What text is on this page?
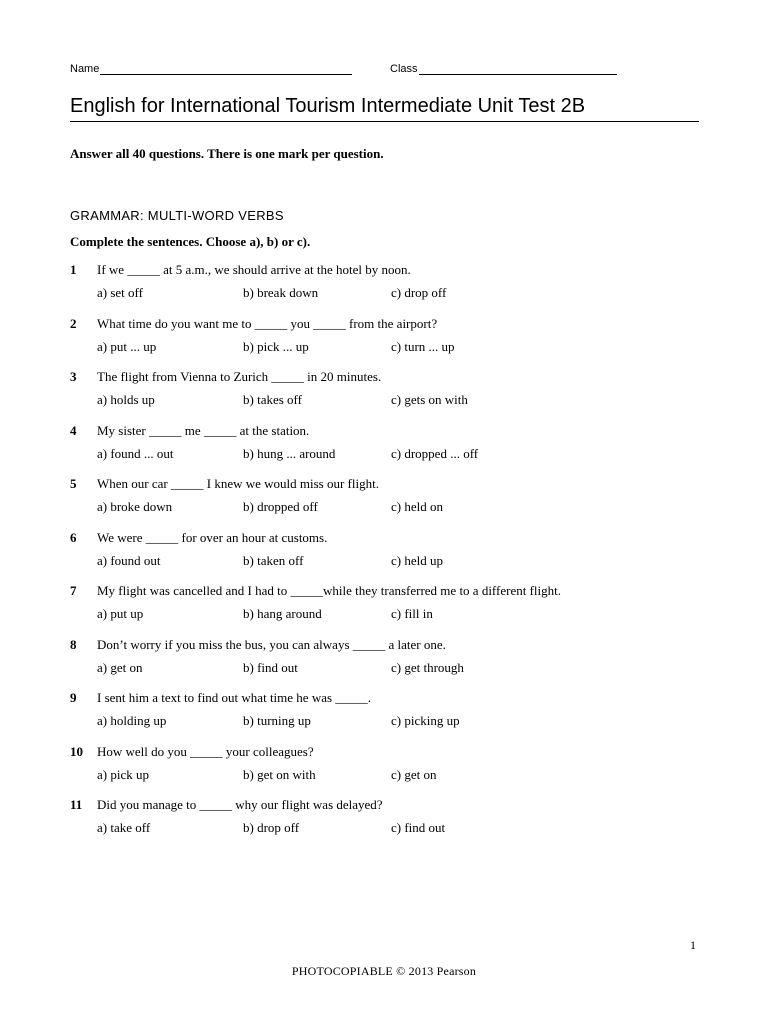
Name	Class
English for International Tourism Intermediate Unit Test 2B
Answer all 40 questions. There is one mark per question.
GRAMMAR: MULTI-WORD VERBS
Complete the sentences. Choose a), b) or c).
1 If we _____ at 5 a.m., we should arrive at the hotel by noon.
a) set off	b) break down	c) drop off
2 What time do you want me to _____ you _____ from the airport?
a) put ... up	b) pick ... up	c) turn ... up
3 The flight from Vienna to Zurich _____ in 20 minutes.
a) holds up	b) takes off	c) gets on with
4 My sister _____ me _____ at the station.
a) found ... out	b) hung ... around	c) dropped ... off
5 When our car _____ I knew we would miss our flight.
a) broke down	b) dropped off	c) held on
6 We were _____ for over an hour at customs.
a) found out	b) taken off	c) held up
7 My flight was cancelled and I had to _____while they transferred me to a different flight.
a) put up	b) hang around	c) fill in
8 Don’t worry if you miss the bus, you can always _____ a later one.
a) get on	b) find out	c) get through
9 I sent him a text to find out what time he was _____.
a) holding up	b) turning up	c) picking up
10 How well do you _____ your colleagues?
a) pick up	b) get on with	c) get on
11 Did you manage to _____ why our flight was delayed?
a) take off	b) drop off	c) find out
1
PHOTOCOPIABLE © 2013 Pearson
